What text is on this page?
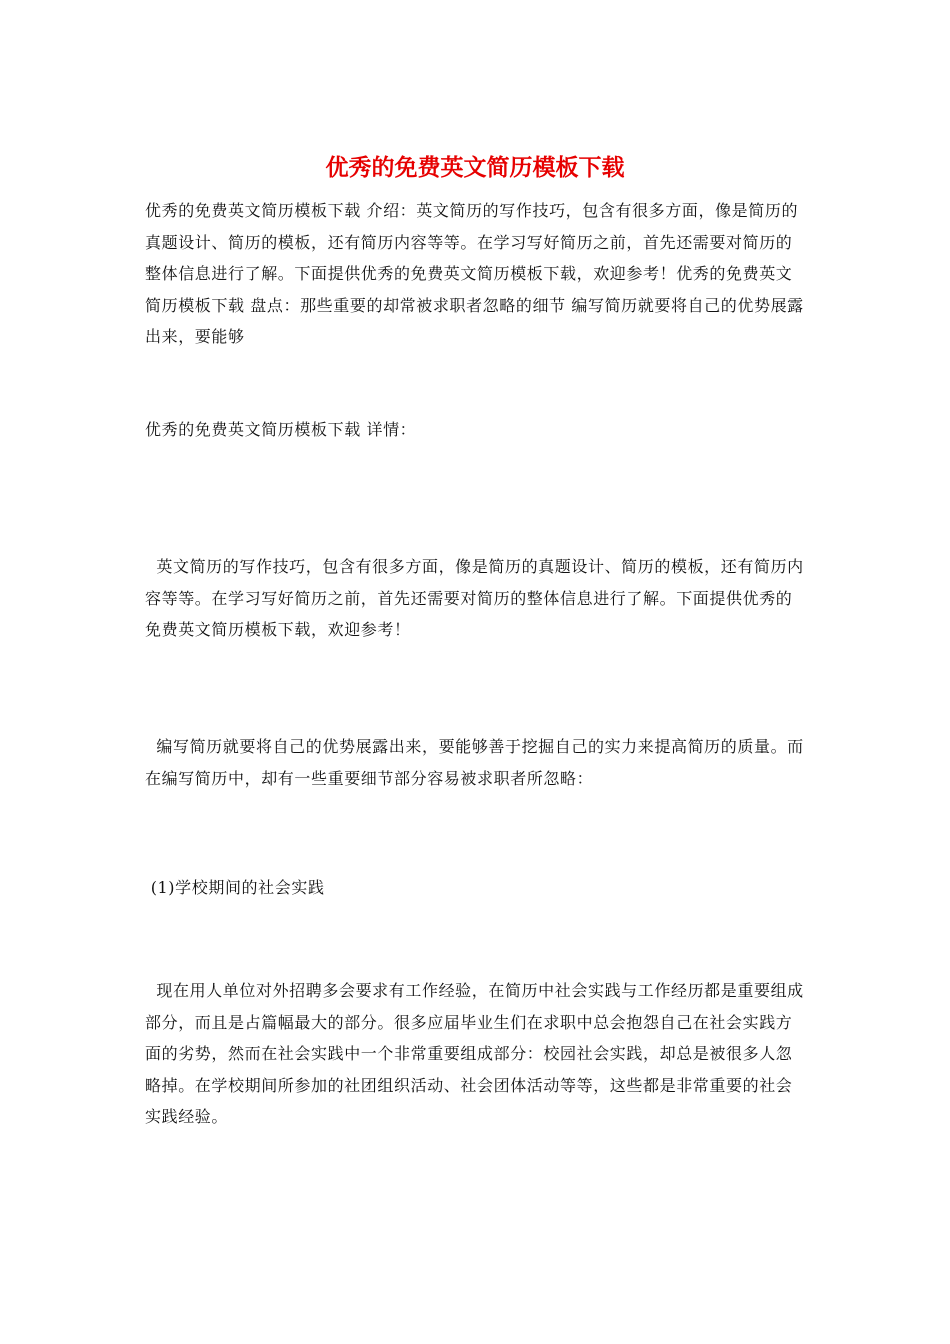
优秀的免费英文简历模板下载

优秀的免费英文简历模板下载 介绍：英文简历的写作技巧，包含有很多方面，像是简历的真题设计、简历的模板，还有简历内容等等。在学习写好简历之前，首先还需要对简历的整体信息进行了解。下面提供优秀的免费英文简历模板下载，欢迎参考！优秀的免费英文简历模板下载 盘点：那些重要的却常被求职者忽略的细节 编写简历就要将自己的优势展露出来，要能够

优秀的免费英文简历模板下载 详情：

英文简历的写作技巧，包含有很多方面，像是简历的真题设计、简历的模板，还有简历内容等等。在学习写好简历之前，首先还需要对简历的整体信息进行了解。下面提供优秀的免费英文简历模板下载，欢迎参考！

编写简历就要将自己的优势展露出来，要能够善于挖掘自己的实力来提高简历的质量。而在编写简历中，却有一些重要细节部分容易被求职者所忽略：

(1)学校期间的社会实践

现在用人单位对外招聘多会要求有工作经验，在简历中社会实践与工作经历都是重要组成部分，而且是占篇幅最大的部分。很多应届毕业生们在求职中总会抱怨自己在社会实践方面的劣势，然而在社会实践中一个非常重要组成部分：校园社会实践，却总是被很多人忽略掉。在学校期间所参加的社团组织活动、社会团体活动等等，这些都是非常重要的社会实践经验。
